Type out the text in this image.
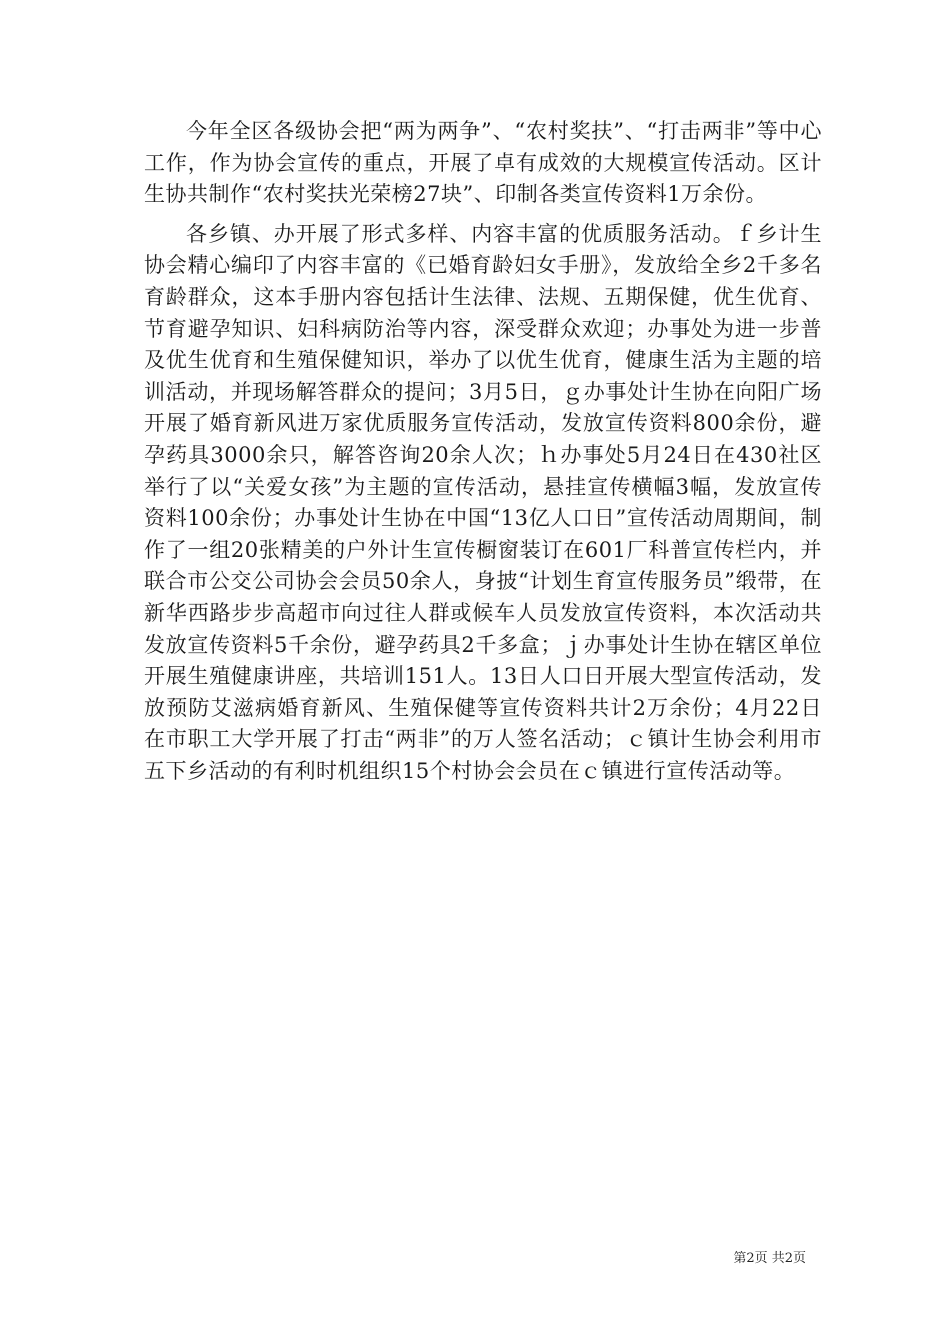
今年全区各级协会把“两为两争”、“农村奖扶”、“打击两非”等中心工作，作为协会宣传的重点，开展了卓有成效的大规模宣传活动。区计生协共制作“农村奖扶光荣榜27块”、印制各类宣传资料1万余份。

各乡镇、办开展了形式多样、内容丰富的优质服务活动。ｆ乡计生协会精心编印了内容丰富的《已婚育龄妇女手册》，发放给全乡2千多名育龄群众，这本手册内容包括计生法律、法规、五期保健，优生优育、节育避孕知识、妇科病防治等内容，深受群众欢迎；办事处为进一步普及优生优育和生殖保健知识，举办了以优生优育，健康生活为主题的培训活动，并现场解答群众的提问；3月5日，ｇ办事处计生协在向阳广场开展了婚育新风进万家优质服务宣传活动，发放宣传资料800余份，避孕药具3000余只，解答咨询20余人次；ｈ办事处5月24日在430社区举行了以“关爱女孩”为主题的宣传活动，悬挂宣传横幅3幅，发放宣传资料100余份；办事处计生协在中国“13亿人口日”宣传活动周期间，制作了一组20张精美的户外计生宣传橱窗装订在601厂科普宣传栏内，并联合市公交公司协会会员50余人，身披“计划生育宣传服务员”缎带，在新华西路步步高超市向过往人群或候车人员发放宣传资料，本次活动共发放宣传资料5千余份，避孕药具2千多盒；ｊ办事处计生协在辖区单位开展生殖健康讲座，共培训151人。13日人口日开展大型宣传活动，发放预防艾滋病婚育新风、生殖保健等宣传资料共计2万余份；4月22日在市职工大学开展了打击“两非”的万人签名活动；ｃ镇计生协会利用市五下乡活动的有利时机组织15个村协会会员在ｃ镇进行宣传活动等。

第2页 共2页
